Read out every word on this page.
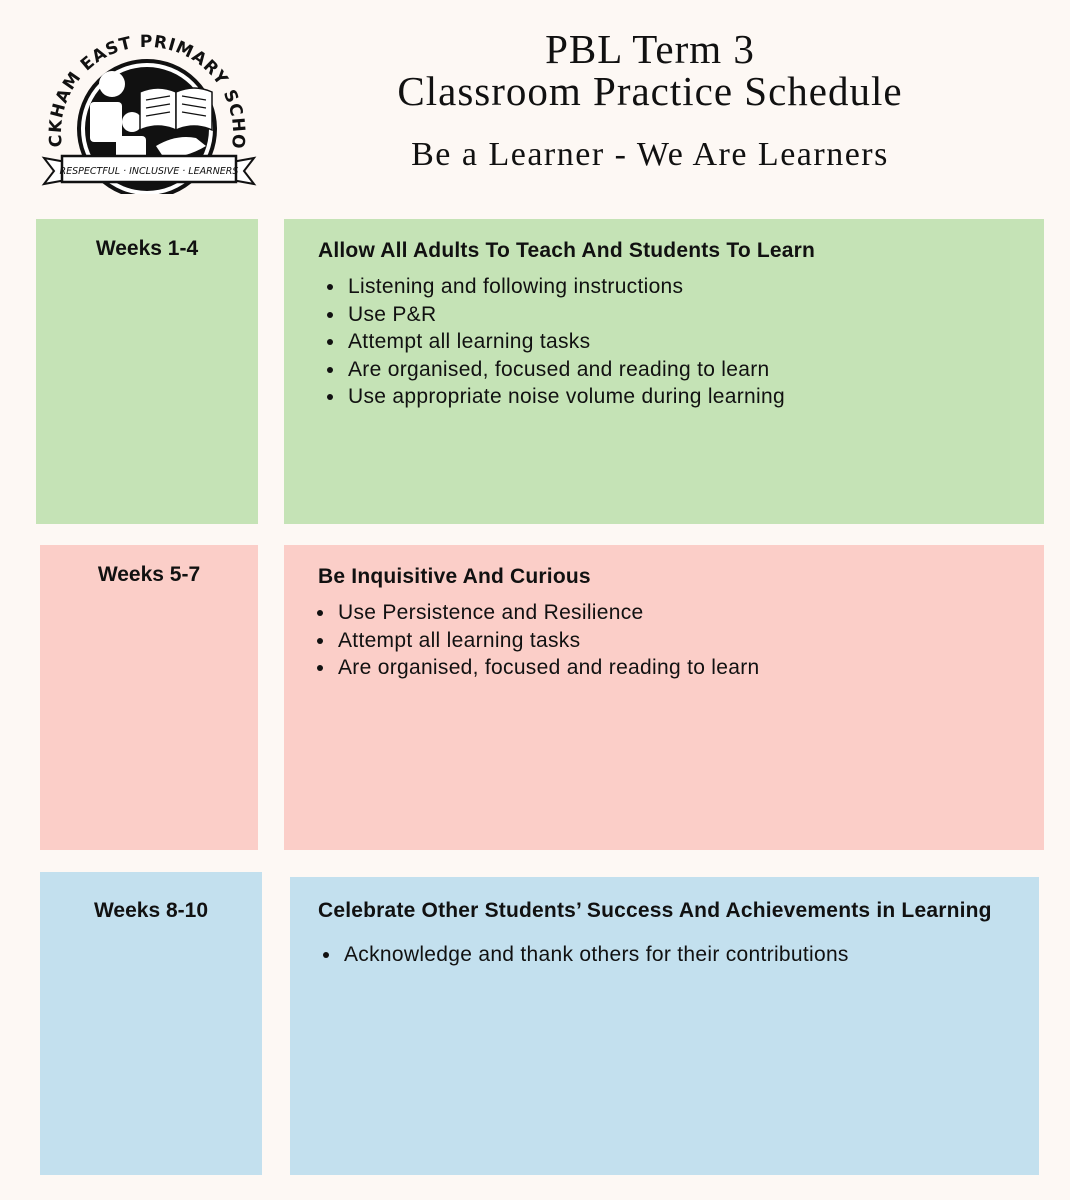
CKHAM EAST PRIMARY SCHO
RESPECTFUL · INCLUSIVE · LEARNERS
PBL Term 3
Classroom Practice Schedule
Be a Learner - We Are Learners
Weeks 1-4	Allow All Adults To Teach And Students To Learn
• Listening and following instructions
• Use P&R
• Attempt all learning tasks
• Are organised, focused and reading to learn
• Use appropriate noise volume during learning
Weeks 5-7	Be Inquisitive And Curious
• Use Persistence and Resilience
• Attempt all learning tasks
• Are organised, focused and reading to learn
Weeks 8-10	Celebrate Other Students’ Success And Achievements in Learning
• Acknowledge and thank others for their contributions
